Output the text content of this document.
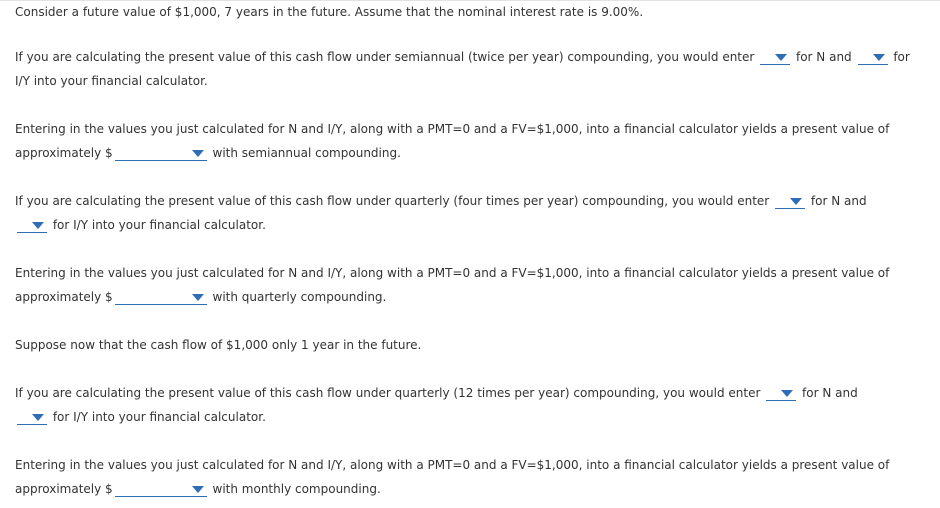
Consider a future value of $1,000, 7 years in the future. Assume that the nominal interest rate is 9.00%.
If you are calculating the present value of this cash flow under semiannual (twice per year) compounding, you would enter	for N and	for
I/Y into your financial calculator.
Entering in the values you just calculated for N and I/Y, along with a PMT=0 and a FV=$1,000, into a financial calculator yields a present value of
approximately $	with semiannual compounding.
If you are calculating the present value of this cash flow under quarterly (four times per year) compounding, you would enter	for N and
for I/Y into your financial calculator.
Entering in the values you just calculated for N and I/Y, along with a PMT=0 and a FV=$1,000, into a financial calculator yields a present value of
approximately $	with quarterly compounding.
Suppose now that the cash flow of $1,000 only 1 year in the future.
If you are calculating the present value of this cash flow under quarterly (12 times per year) compounding, you would enter	for N and
for I/Y into your financial calculator.
Entering in the values you just calculated for N and I/Y, along with a PMT=0 and a FV=$1,000, into a financial calculator yields a present value of
approximately $	with monthly compounding.
